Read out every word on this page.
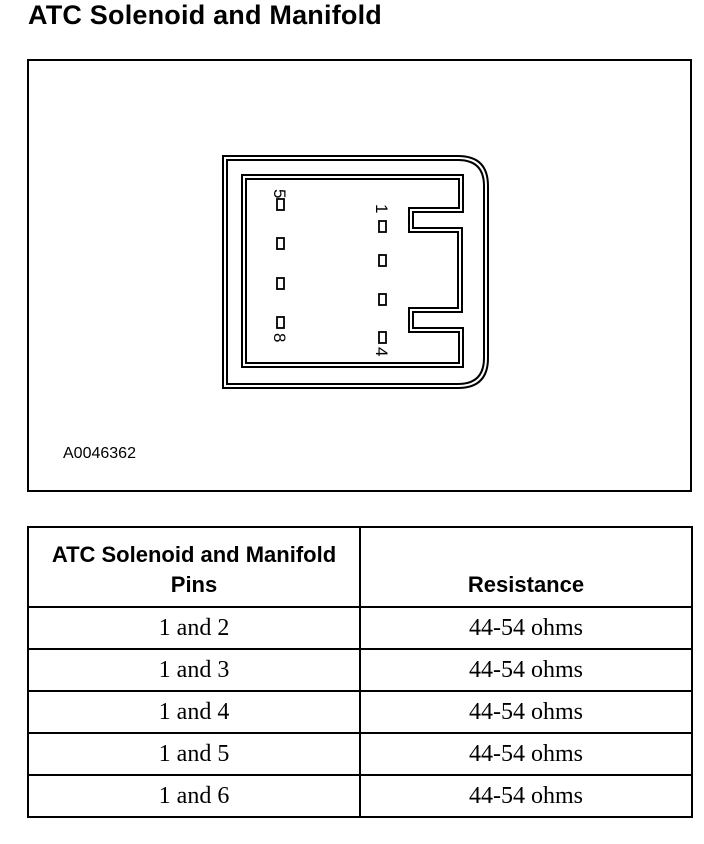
ATC Solenoid and Manifold
5
1
8
4
A0046362
ATC Solenoid and Manifold Pins	Resistance
1 and 2	44-54 ohms
1 and 3	44-54 ohms
1 and 4	44-54 ohms
1 and 5	44-54 ohms
1 and 6	44-54 ohms
